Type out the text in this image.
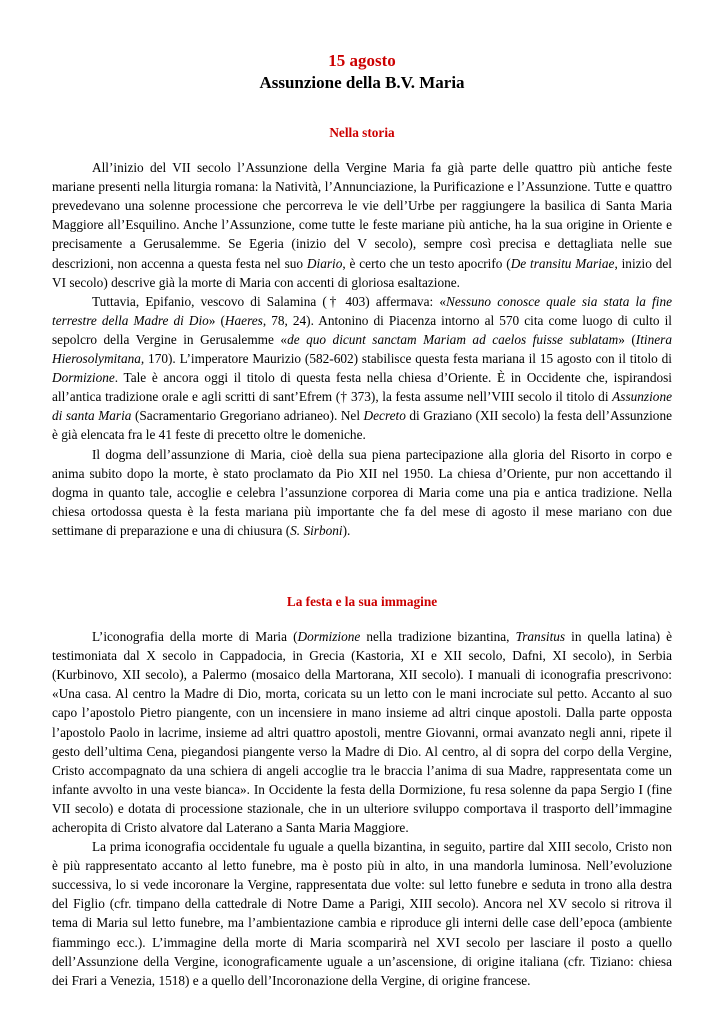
15 agosto
Assunzione della B.V. Maria
Nella storia

All’inizio del VII secolo l’Assunzione della Vergine Maria fa già parte delle quattro più antiche feste mariane presenti nella liturgia romana: la Natività, l’Annunciazione, la Purificazione e l’Assunzione. Tutte e quattro prevedevano una solenne processione che percorreva le vie dell’Urbe per raggiungere la basilica di Santa Maria Maggiore all’Esquilino. Anche l’Assunzione, come tutte le feste mariane più antiche, ha la sua origine in Oriente e precisamente a Gerusalemme. Se Egeria (inizio del V secolo), sempre così precisa e dettagliata nelle sue descrizioni, non accenna a questa festa nel suo Diario, è certo che un testo apocrifo (De transitu Mariae, inizio del VI secolo) descrive già la morte di Maria con accenti di gloriosa esaltazione.

Tuttavia, Epifanio, vescovo di Salamina († 403) affermava: «Nessuno conosce quale sia stata la fine terrestre della Madre di Dio» (Haeres, 78, 24). Antonino di Piacenza intorno al 570 cita come luogo di culto il sepolcro della Vergine in Gerusalemme «de quo dicunt sanctam Mariam ad caelos fuisse sublatam» (Itinera Hierosolymitana, 170). L’imperatore Maurizio (582-602) stabilisce questa festa mariana il 15 agosto con il titolo di Dormizione. Tale è ancora oggi il titolo di questa festa nella chiesa d’Oriente. È in Occidente che, ispirandosi all’antica tradizione orale e agli scritti di sant’Efrem († 373), la festa assume nell’VIII secolo il titolo di Assunzione di santa Maria (Sacramentario Gregoriano adrianeo). Nel Decreto di Graziano (XII secolo) la festa dell’Assunzione è già elencata fra le 41 feste di precetto oltre le domeniche.

Il dogma dell’assunzione di Maria, cioè della sua piena partecipazione alla gloria del Risorto in corpo e anima subito dopo la morte, è stato proclamato da Pio XII nel 1950. La chiesa d’Oriente, pur non accettando il dogma in quanto tale, accoglie e celebra l’assunzione corporea di Maria come una pia e antica tradizione. Nella chiesa ortodossa questa è la festa mariana più importante che fa del mese di agosto il mese mariano con due settimane di preparazione e una di chiusura (S. Sirboni).

La festa e la sua immagine

L’iconografia della morte di Maria (Dormizione nella tradizione bizantina, Transitus in quella latina) è testimoniata dal X secolo in Cappadocia, in Grecia (Kastoria, XI e XII secolo, Dafni, XI secolo), in Serbia (Kurbinovo, XII secolo), a Palermo (mosaico della Martorana, XII secolo). I manuali di iconografia prescrivono: «Una casa. Al centro la Madre di Dio, morta, coricata su un letto con le mani incrociate sul petto. Accanto al suo capo l’apostolo Pietro piangente, con un incensiere in mano insieme ad altri cinque apostoli. Dalla parte opposta l’apostolo Paolo in lacrime, insieme ad altri quattro apostoli, mentre Giovanni, ormai avanzato negli anni, ripete il gesto dell’ultima Cena, piegandosi piangente verso la Madre di Dio. Al centro, al di sopra del corpo della Vergine, Cristo accompagnato da una schiera di angeli accoglie tra le braccia l’anima di sua Madre, rappresentata come un infante avvolto in una veste bianca». In Occidente la festa della Dormizione, fu resa solenne da papa Sergio I (fine VII secolo) e dotata di processione stazionale, che in un ulteriore sviluppo comportava il trasporto dell’immagine acheropita di Cristo alvatore dal Laterano a Santa Maria Maggiore.

La prima iconografia occidentale fu uguale a quella bizantina, in seguito, partire dal XIII secolo, Cristo non è più rappresentato accanto al letto funebre, ma è posto più in alto, in una mandorla luminosa. Nell’evoluzione successiva, lo si vede incoronare la Vergine, rappresentata due volte: sul letto funebre e seduta in trono alla destra del Figlio (cfr. timpano della cattedrale di Notre Dame a Parigi, XIII secolo). Ancora nel XV secolo si ritrova il tema di Maria sul letto funebre, ma l’ambientazione cambia e riproduce gli interni delle case dell’epoca (ambiente fiammingo ecc.). L’immagine della morte di Maria scomparirà nel XVI secolo per lasciare il posto a quello dell’Assunzione della Vergine, iconograficamente uguale a un’ascensione, di origine italiana (cfr. Tiziano: chiesa dei Frari a Venezia, 1518) e a quello dell’Incoronazione della Vergine, di origine francese.
